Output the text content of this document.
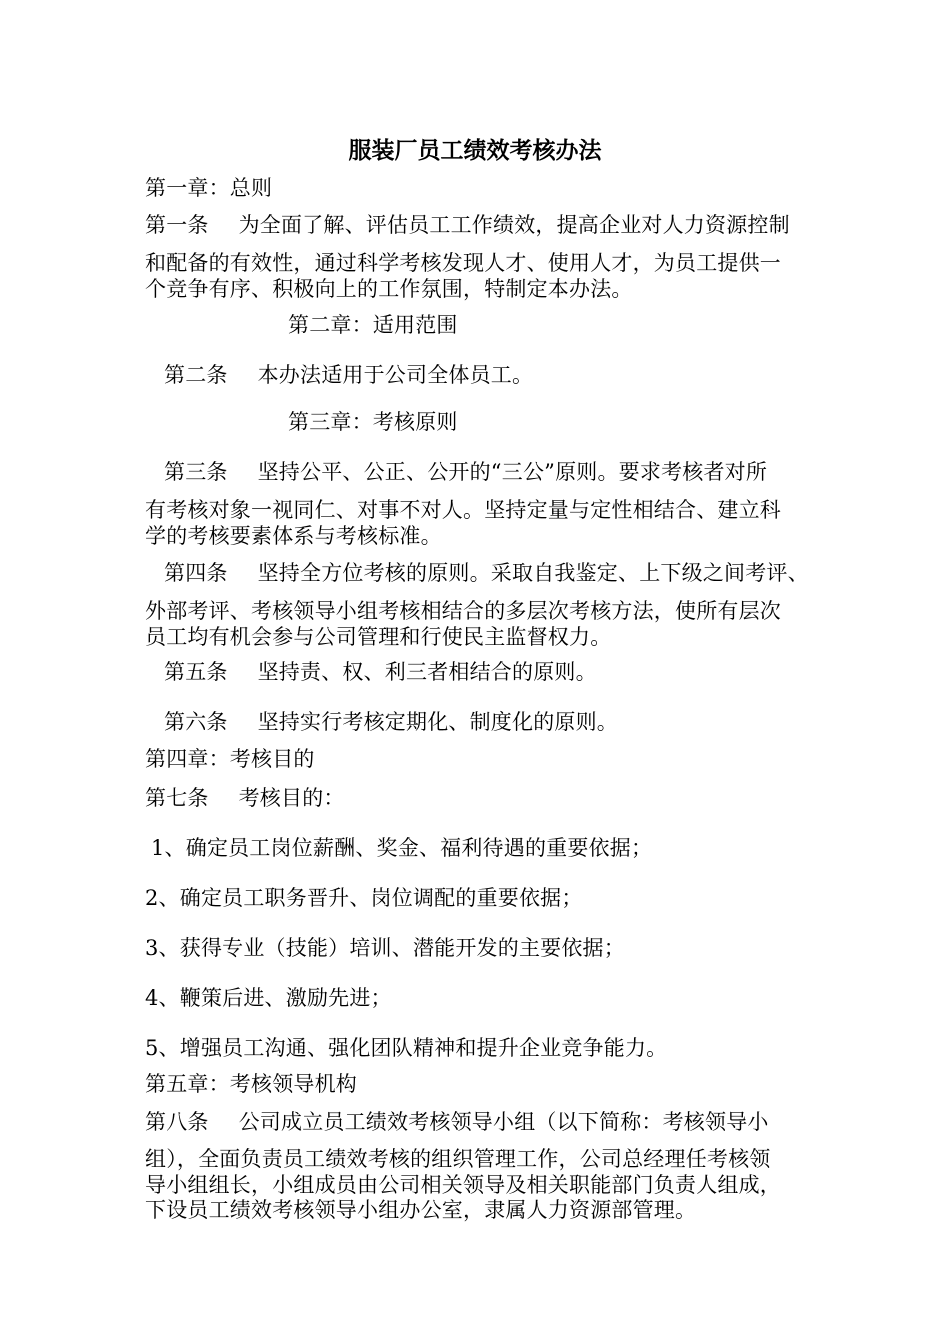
服装厂员工绩效考核办法
第一章：总则
第一条 为全面了解、评估员工工作绩效，提高企业对人力资源控制
和配备的有效性，通过科学考核发现人才、使用人才，为员工提供一
个竞争有序、积极向上的工作氛围，特制定本办法。
第二章：适用范围
第二条 本办法适用于公司全体员工。
第三章：考核原则
第三条 坚持公平、公正、公开的“三公”原则。要求考核者对所
有考核对象一视同仁、对事不对人。坚持定量与定性相结合、建立科
学的考核要素体系与考核标准。
第四条 坚持全方位考核的原则。采取自我鉴定、上下级之间考评、
外部考评、考核领导小组考核相结合的多层次考核方法，使所有层次
员工均有机会参与公司管理和行使民主监督权力。
第五条 坚持责、权、利三者相结合的原则。
第六条 坚持实行考核定期化、制度化的原则。
第四章：考核目的
第七条 考核目的：
1、确定员工岗位薪酬、奖金、福利待遇的重要依据；
2、确定员工职务晋升、岗位调配的重要依据；
3、获得专业（技能）培训、潜能开发的主要依据；
4、鞭策后进、激励先进；
5、增强员工沟通、强化团队精神和提升企业竞争能力。
第五章：考核领导机构
第八条 公司成立员工绩效考核领导小组（以下简称：考核领导小
组），全面负责员工绩效考核的组织管理工作，公司总经理任考核领
导小组组长，小组成员由公司相关领导及相关职能部门负责人组成，
下设员工绩效考核领导小组办公室，隶属人力资源部管理。
